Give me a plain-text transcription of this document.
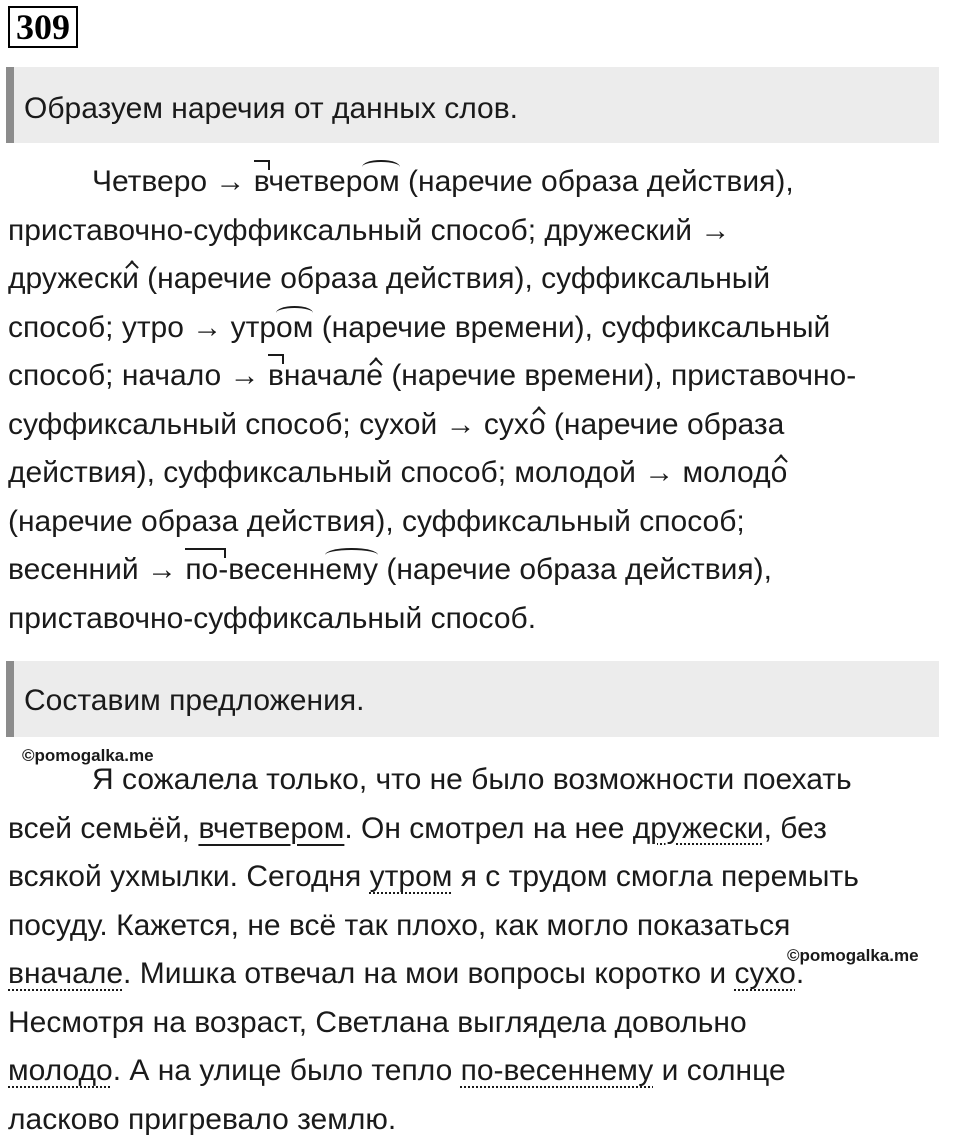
309
Образуем наречия от данных слов.

Четверо → вчетвер
ом (наречие образа действия),
приставочно-суффиксальный способ; дружеский →
дружеск
и (наречие образа действия), суффиксальный
способ; утро → утр
ом (наречие времени), суффиксальный
способ; начало → вначал
е (наречие времени), приставочно-
суффиксальный способ; сухой → сух
о (наречие образа
действия), суффиксальный способ; молодой → молод
о
(наречие образа действия), суффиксальный способ;
весенний → по-весенн
ему (наречие образа действия),
приставочно-суффиксальный способ.

Составим предложения.
©pomogalka.me

Я сожалела только, что не было возможности поехать
всей семьёй, вчетвером. Он смотрел на нее дружески, без
всякой ухмылки. Сегодня утром я с трудом смогла перемыть
посуду. Кажется, не всё так плохо, как могло показаться
вначале. Мишка отвечал на мои вопросы коротко и сухо.
Несмотря на возраст, Светлана выглядела довольно
молодо. А на улице было тепло по-весеннему и солнце
ласково пригревало землю.

©pomogalka.me
